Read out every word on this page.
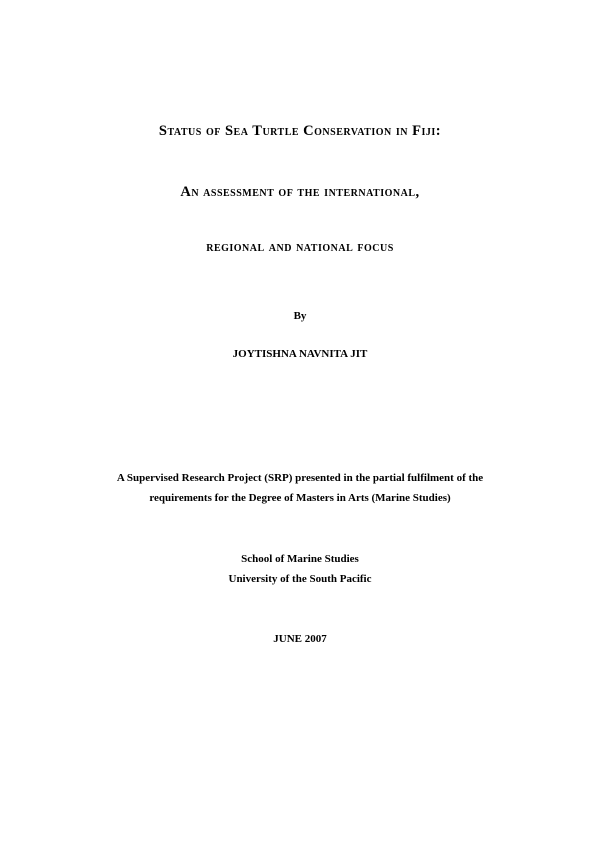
Status of Sea Turtle Conservation in Fiji:
An assessment of the international,
regional and national focus
By
JOYTISHNA NAVNITA JIT
A Supervised Research Project (SRP) presented in the partial fulfilment of the
requirements for the Degree of Masters in Arts (Marine Studies)
School of Marine Studies
University of the South Pacific
JUNE 2007
